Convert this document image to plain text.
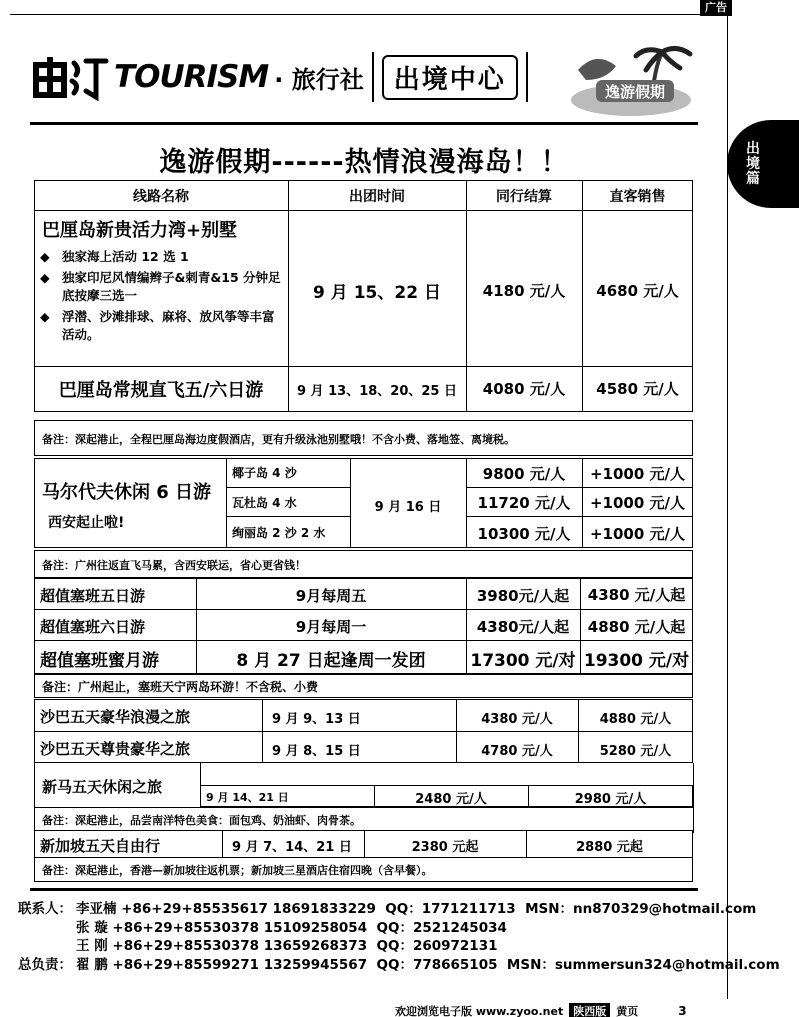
广告
出
境
篇
TOURISM · 旅行社	出境中心	逸游假期
逸游假期------热情浪漫海岛！！
线路名称	出团时间	同行结算	直客销售
巴厘岛新贵活力湾+别墅
◆ 独家海上活动 12 选 1
◆ 独家印尼风情编辫子&刺青&15 分钟足底按摩三选一
◆ 浮潜、沙滩排球、麻将、放风筝等丰富活动。
9 月 15、22 日	4180 元/人	4680 元/人
巴厘岛常规直飞五/六日游	9 月 13、18、20、25 日	4080 元/人	4580 元/人
备注：深起港止，全程巴厘岛海边度假酒店，更有升级泳池别墅哦！不含小费、落地签、离境税。
马尔代夫休闲 6 日游
西安起止啦!
9 月 16 日
椰子岛 4 沙	9800 元/人	+1000 元/人
瓦杜岛 4 水	11720 元/人	+1000 元/人
绚丽岛 2 沙 2 水	10300 元/人	+1000 元/人
备注：广州往返直飞马累，含西安联运，省心更省钱！
超值塞班五日游	9月每周五	3980元/人起	4380 元/人起
超值塞班六日游	9月每周一	4380元/人起	4880 元/人起
超值塞班蜜月游	8 月 27 日起逢周一发团	17300 元/对 19300 元/对
备注：广州起止，塞班天宁两岛环游！不含税、小费
沙巴五天豪华浪漫之旅	9 月 9、13 日	4380 元/人	4880 元/人
沙巴五天尊贵豪华之旅	9 月 8、15 日	4780 元/人	5280 元/人
新马五天休闲之旅
9 月 14、21 日	2480 元/人	2980 元/人
备注：深起港止，品尝南洋特色美食：面包鸡、奶油虾、肉骨茶。
新加坡五天自由行	9 月 7、14、21 日	2380 元起	2880 元起
备注：深起港止，香港—新加坡往返机票；新加坡三星酒店住宿四晚（含早餐）。
联系人： 李亚楠 +86+29+85535617 18691833229 QQ：1771211713 MSN：nn870329@hotmail.com
张 璇 +86+29+85530378 15109258054 QQ：2521245034
王 刚 +86+29+85530378 13659268373 QQ：260972131
总负责： 翟 鹏 +86+29+85599271 13259945567 QQ：778665105 MSN：summersun324@hotmail.com
欢迎浏览电子版 www.zyoo.net 陕西版 黄页	3
